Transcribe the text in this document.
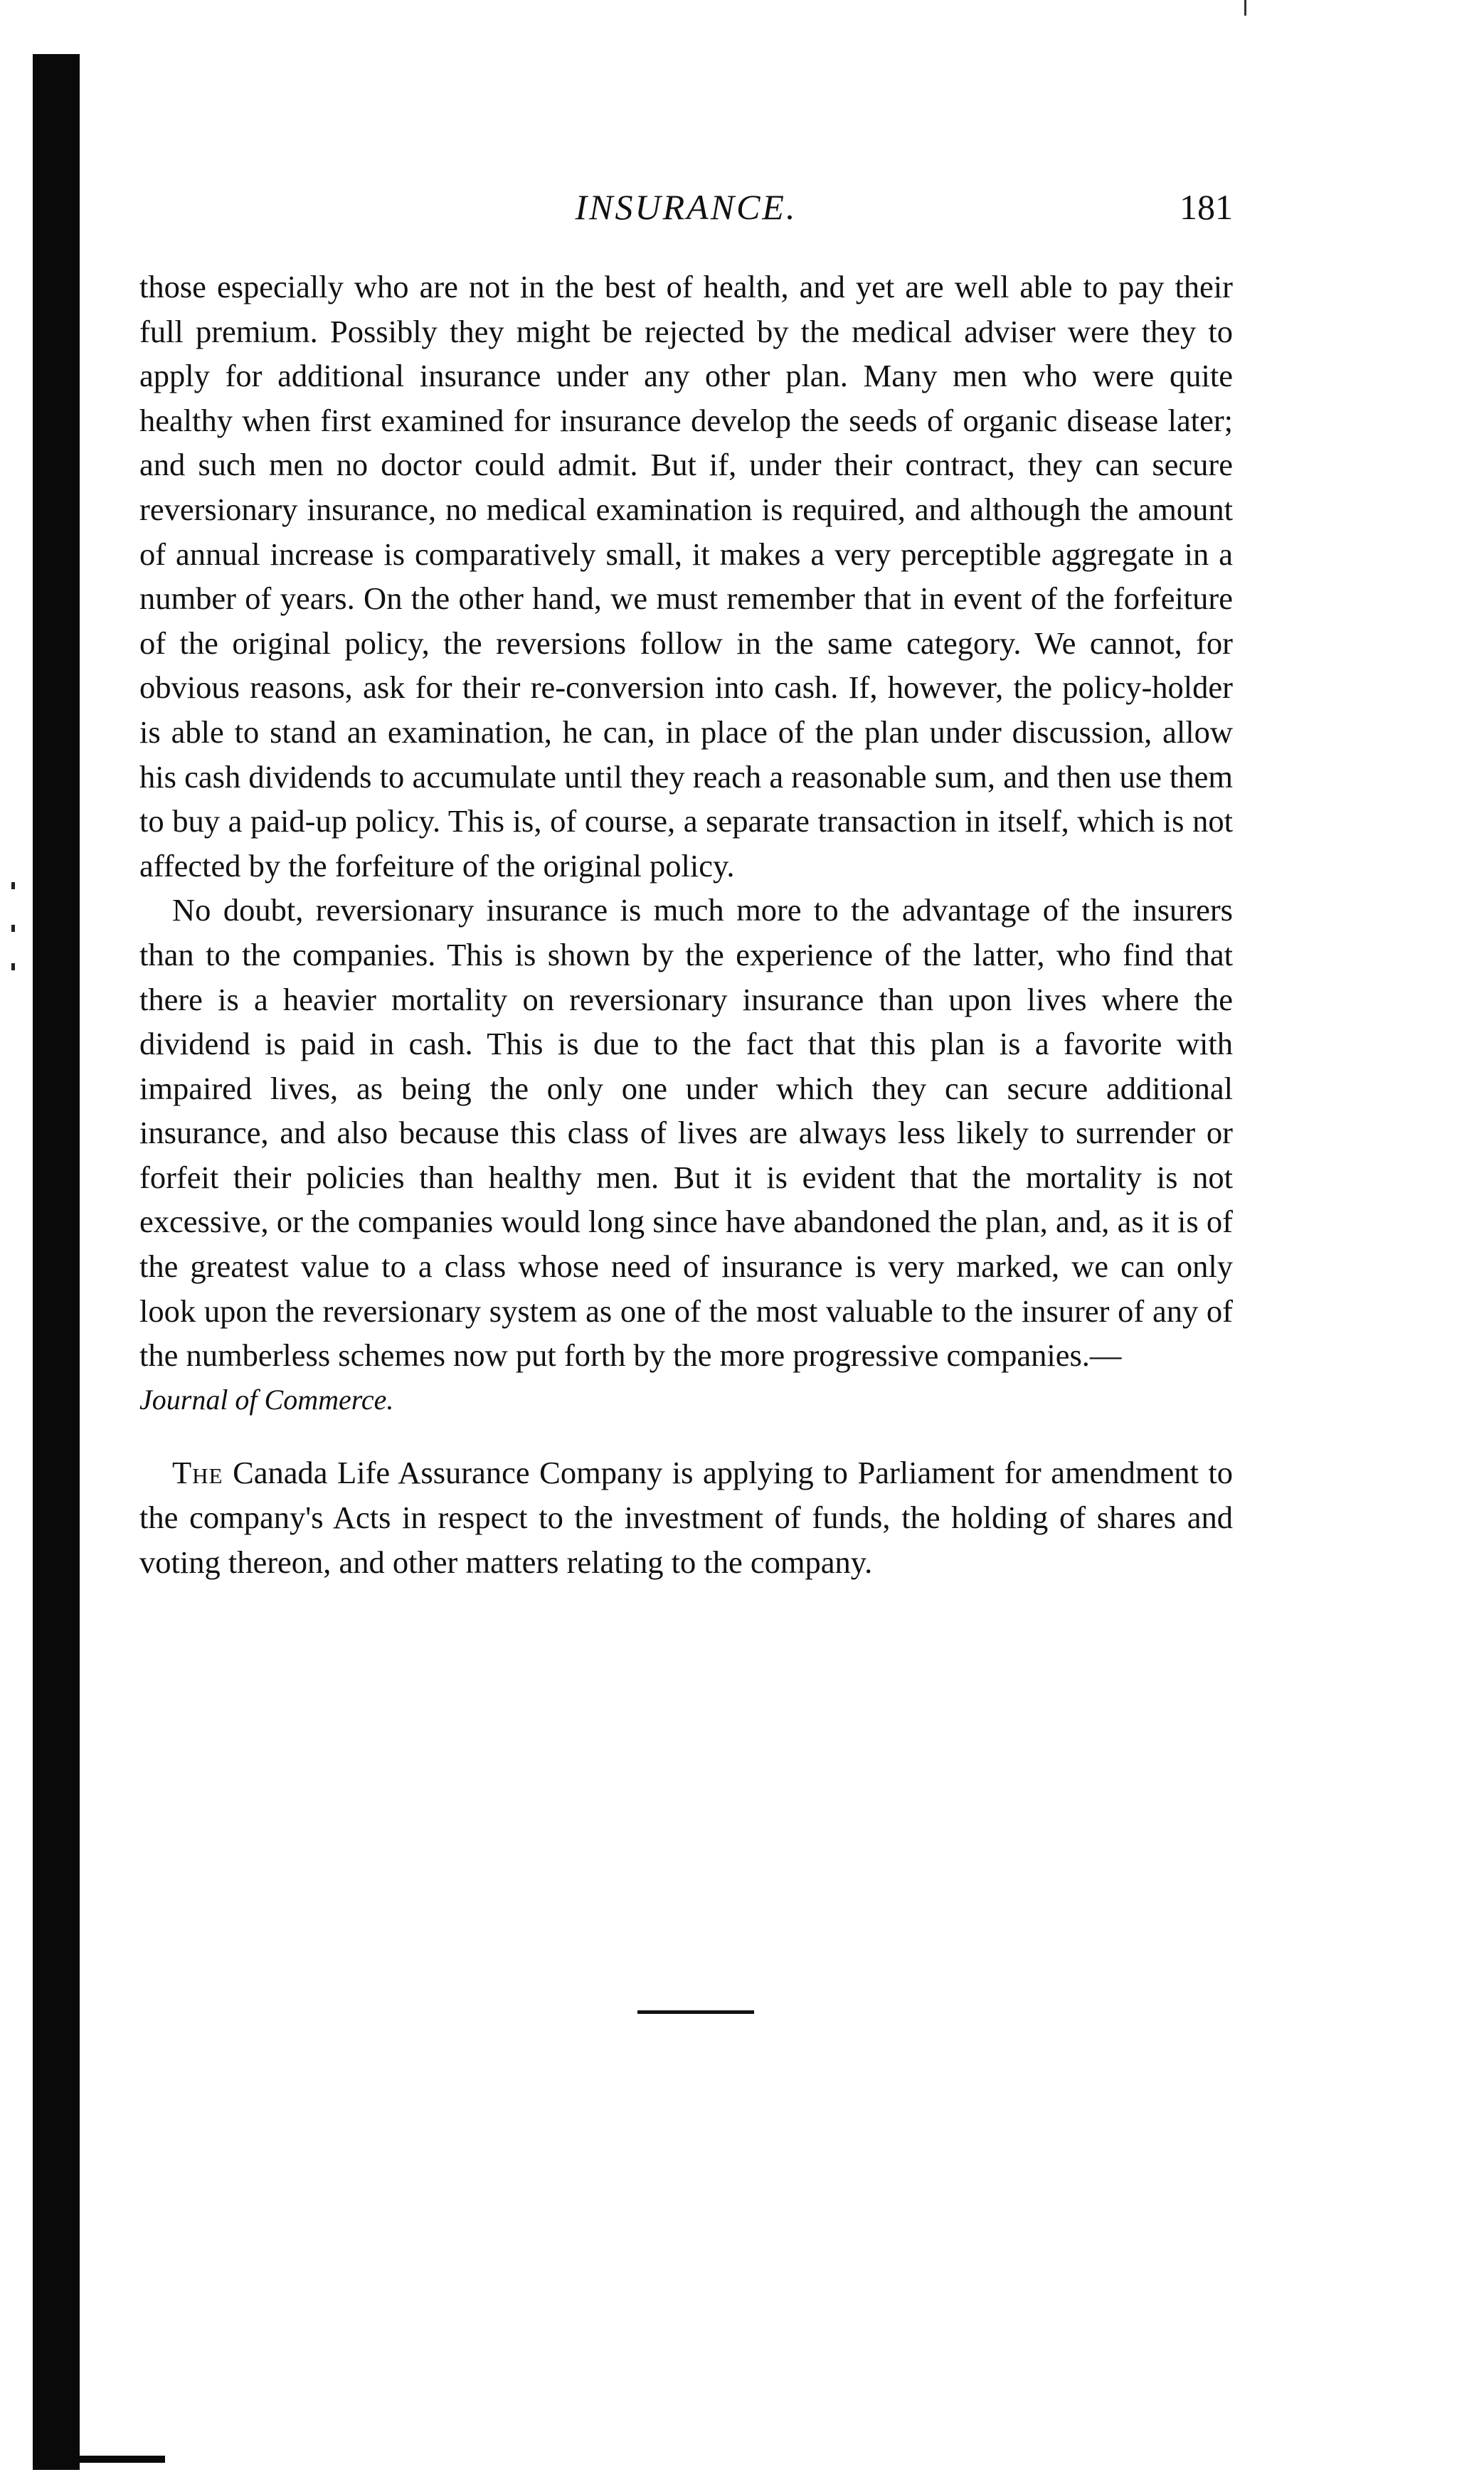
INSURANCE.	181

those especially who are not in the best of health, and yet are well able to pay their full premium. Possibly they might be rejected by the medical adviser were they to apply for additional insurance under any other plan. Many men who were quite healthy when first examined for insurance develop the seeds of organic disease later; and such men no doctor could admit. But if, under their contract, they can secure reversionary insurance, no medical examination is required, and although the amount of annual increase is comparatively small, it makes a very perceptible aggregate in a number of years. On the other hand, we must remember that in event of the forfeiture of the original policy, the reversions follow in the same category. We cannot, for obvious reasons, ask for their re-conversion into cash. If, however, the policy-holder is able to stand an examination, he can, in place of the plan under discussion, allow his cash dividends to accumulate until they reach a reasonable sum, and then use them to buy a paid-up policy. This is, of course, a separate transaction in itself, which is not affected by the forfeiture of the original policy.

No doubt, reversionary insurance is much more to the advantage of the insurers than to the companies. This is shown by the experience of the latter, who find that there is a heavier mortality on reversionary insurance than upon lives where the dividend is paid in cash. This is due to the fact that this plan is a favorite with impaired lives, as being the only one under which they can secure additional insurance, and also because this class of lives are always less likely to surrender or forfeit their policies than healthy men. But it is evident that the mortality is not excessive, or the companies would long since have abandoned the plan, and, as it is of the greatest value to a class whose need of insurance is very marked, we can only look upon the reversionary system as one of the most valuable to the insurer of any of the numberless schemes now put forth by the more progressive companies.—

Journal of Commerce.

The Canada Life Assurance Company is applying to Parliament for amendment to the company's Acts in respect to the investment of funds, the holding of shares and voting thereon, and other matters relating to the company.
